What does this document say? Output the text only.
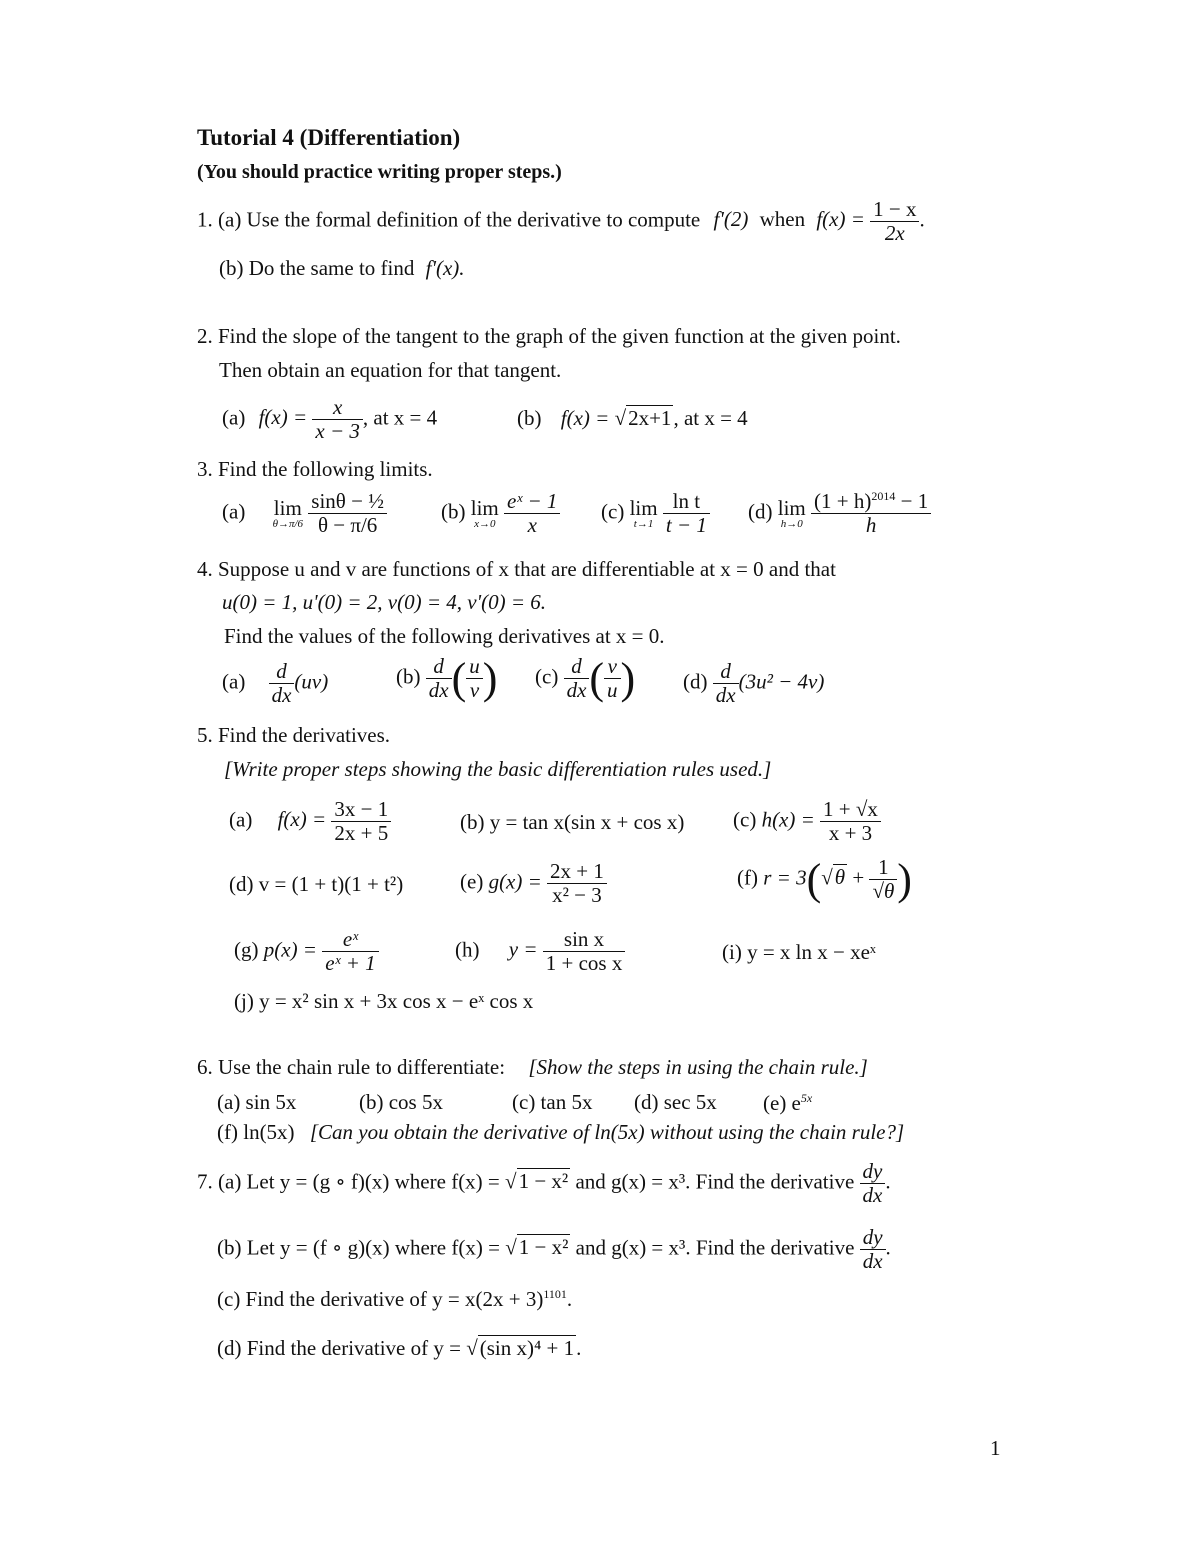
Tutorial 4 (Differentiation)
(You should practice writing proper steps.)
1. (a) Use the formal definition of the derivative to compute f'(2) when $f(x) = \frac{1 - x}{2x}$ .
(b) Do the same to find f'(x).
2. Find the slope of the tangent to the graph of the given function at the given point.
Then obtain an equation for that tangent.
(a) $f(x) = \frac{x}{x - 3}$ , at x = 4	(b) f(x) = √2x+1, at x = 4
3. Find the following limits.
(a) lim
θ→π/6
$\frac{\text{sinθ − ½}}{\theta - \pi/6}$	(b) lim
x→0
$\frac{\text{eˣ − 1}}{x} (c)$ lim
t→1
$\frac{\text{ln t}}{t - 1} (d)$ lim
h→0
$\frac{(1 + h)^{2014} - 1}{h}$
4. Suppose u and v are functions of x that are differentiable at x = 0 and that
u(0) = 1, u'(0) = 2, v(0) = 4, v'(0) = 6.
Find the values of the following derivatives at x = 0.
$(a) \frac{d}{dx} (uv)$	$(b) \frac{d}{dx}$ ( $\frac{u}{v}$ ) $(c) \frac{d}{dx}$ ( $\frac{v}{u}$ ) $(d) \frac{d}{dx} (3u^2 - 4v)$
5. Find the derivatives.
[Write proper steps showing the basic differentiation rules used.]
(a) $f(x) = \frac{3x - 1}{2x + 5}$	(b) y = tan x(sin x + cos x) (c) $h(x) = \frac{1 + √x}{x + 3}$
(d) v = (1 + t)(1 + t²)	(e) $g(x) = \frac{2x + 1}{\text{x² − 3}}$	(f) $r = 3(√\theta + \frac{1}{√\theta}$ )
(g) $p(x) = \frac{\text{eˣ}}{\text{eˣ + 1}}$	(h) $y = \frac{\text{sin x}}{\text{1 + cos x}}$	(i) y = x ln x − xeˣ
(j) y = x² sin x + 3x cos x − eˣ cos x
6. Use the chain rule to differentiate: [Show the steps in using the chain rule.]
(a) sin 5x	(b) cos 5x	(c) tan 5x (d) sec 5x (e) $e^{5x}$
(f) ln(5x) [Can you obtain the derivative of ln(5x) without using the chain rule?]
7. (a) Let y = (g ∘ f)(x) where f(x) = √1 − x² and g(x) = x³. Find the derivative $\frac{dy}{dx}$ .
(b) Let y = (f ∘ g)(x) where f(x) = √1 − x² and g(x) = x³. Find the derivative $\frac{dy}{dx}$ .
(c) Find the derivative of $y = x(2x + 3)^{1101}$.
(d) Find the derivative of y = √(sin x)⁴ + 1.
1
